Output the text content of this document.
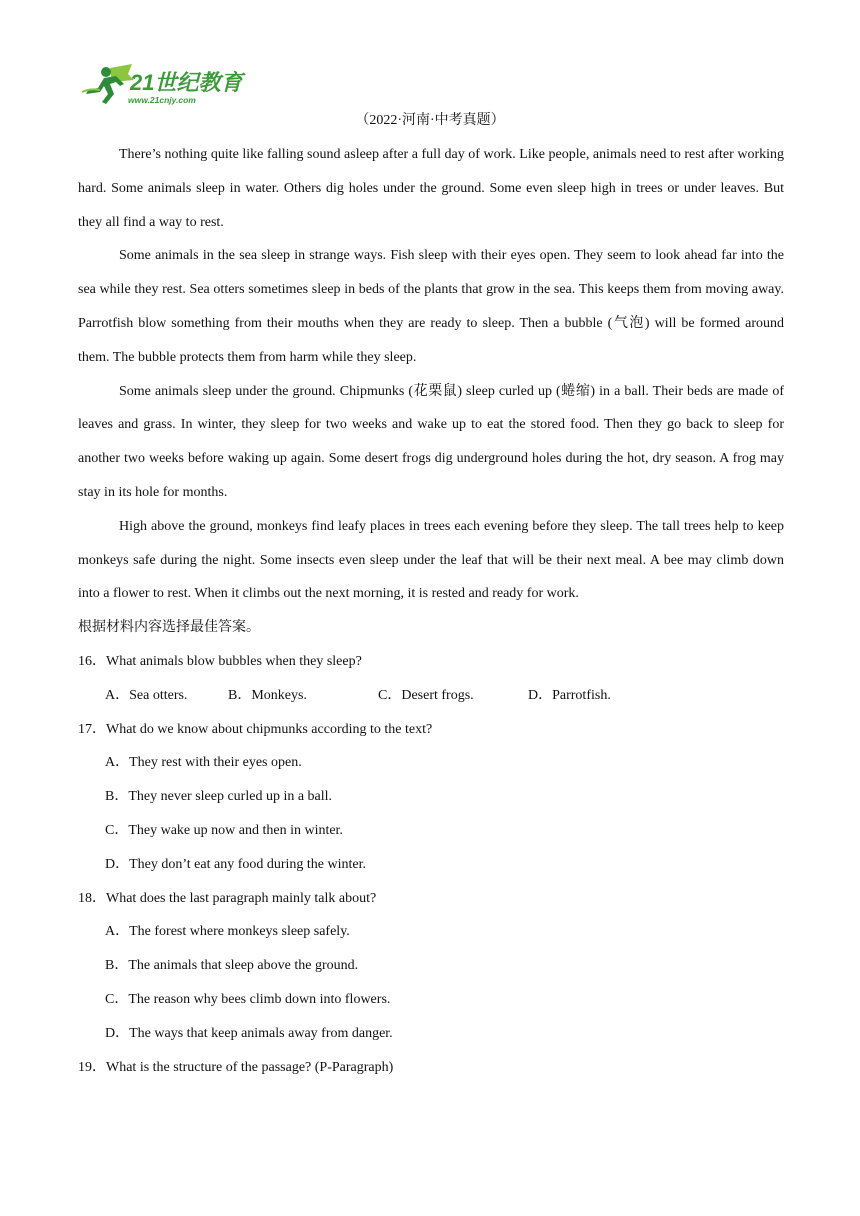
21世纪教育
www.21cnjy.com
（2022·河南·中考真题）

There’s nothing quite like falling sound asleep after a full day of work. Like people, animals need to rest after working hard. Some animals sleep in water. Others dig holes under the ground. Some even sleep high in trees or under leaves. But they all find a way to rest.

Some animals in the sea sleep in strange ways. Fish sleep with their eyes open. They seem to look ahead far into the sea while they rest. Sea otters sometimes sleep in beds of the plants that grow in the sea. This keeps them from moving away. Parrotfish blow something from their mouths when they are ready to sleep. Then a bubble (气泡) will be formed around them. The bubble protects them from harm while they sleep.

Some animals sleep under the ground. Chipmunks (花栗鼠) sleep curled up (蜷缩) in a ball. Their beds are made of leaves and grass. In winter, they sleep for two weeks and wake up to eat the stored food. Then they go back to sleep for another two weeks before waking up again. Some desert frogs dig underground holes during the hot, dry season. A frog may stay in its hole for months.

High above the ground, monkeys find leafy places in trees each evening before they sleep. The tall trees help to keep monkeys safe during the night. Some insects even sleep under the leaf that will be their next meal. A bee may climb down into a flower to rest. When it climbs out the next morning, it is rested and ready for work.

根据材料内容选择最佳答案。

16．What animals blow bubbles when they sleep?

A．Sea otters.	B．Monkeys.	C．Desert frogs.	D．Parrotfish.

17．What do we know about chipmunks according to the text?

A．They rest with their eyes open.

B．They never sleep curled up in a ball.

C．They wake up now and then in winter.

D．They don’t eat any food during the winter.

18．What does the last paragraph mainly talk about?

A．The forest where monkeys sleep safely.

B．The animals that sleep above the ground.

C．The reason why bees climb down into flowers.

D．The ways that keep animals away from danger.

19．What is the structure of the passage? (P-Paragraph)
